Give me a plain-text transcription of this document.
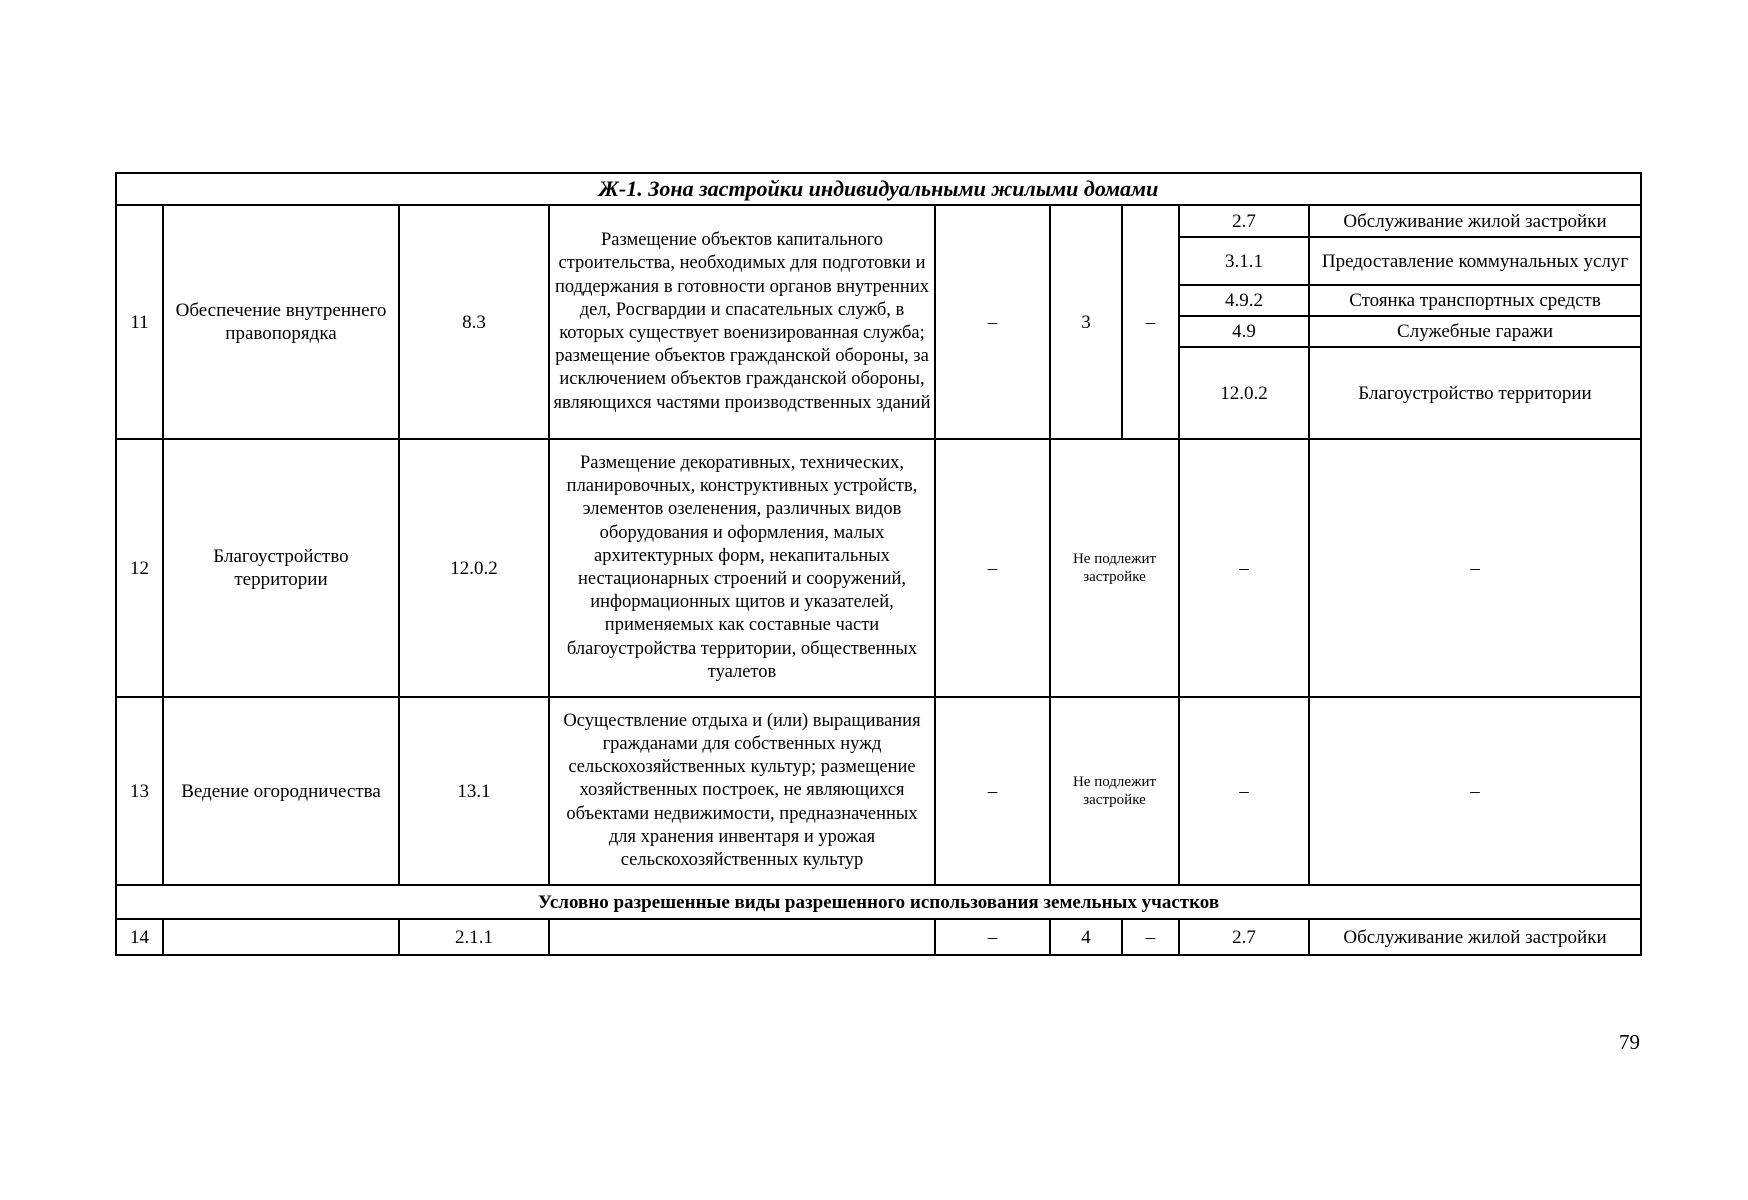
Ж-1. Зона застройки индивидуальными жилыми домами								
11	Обеспечение внутреннего правопорядка	8.3	Размещение объектов капитального строительства, необходимых для подготовки и поддержания в готовности органов внутренних дел, Росгвардии и спасательных служб, в которых существует военизированная служба; размещение объектов гражданской обороны, за исключением объектов гражданской обороны, являющихся частями производственных зданий	–	3	–	2.7	Обслуживание жилой застройки
							3.1.1	Предоставление коммунальных услуг
							4.9.2	Стоянка транспортных средств
							4.9	Служебные гаражи
							12.0.2	Благоустройство территории
12	Благоустройство территории	12.0.2	Размещение декоративных, технических, планировочных, конструктивных устройств, элементов озеленения, различных видов оборудования и оформления, малых архитектурных форм, некапитальных нестационарных строений и сооружений, информационных щитов и указателей, применяемых как составные части благоустройства территории, общественных туалетов	–	Не подлежит застройке		–	–
13	Ведение огородничества	13.1	Осуществление отдыха и (или) выращивания гражданами для собственных нужд сельскохозяйственных культур; размещение хозяйственных построек, не являющихся объектами недвижимости, предназначенных для хранения инвентаря и урожая сельскохозяйственных культур	–	Не подлежит застройке		–	–
Условно разрешенные виды разрешенного использования земельных участков								
14		2.1.1		–	4	–	2.7	Обслуживание жилой застройки
79
